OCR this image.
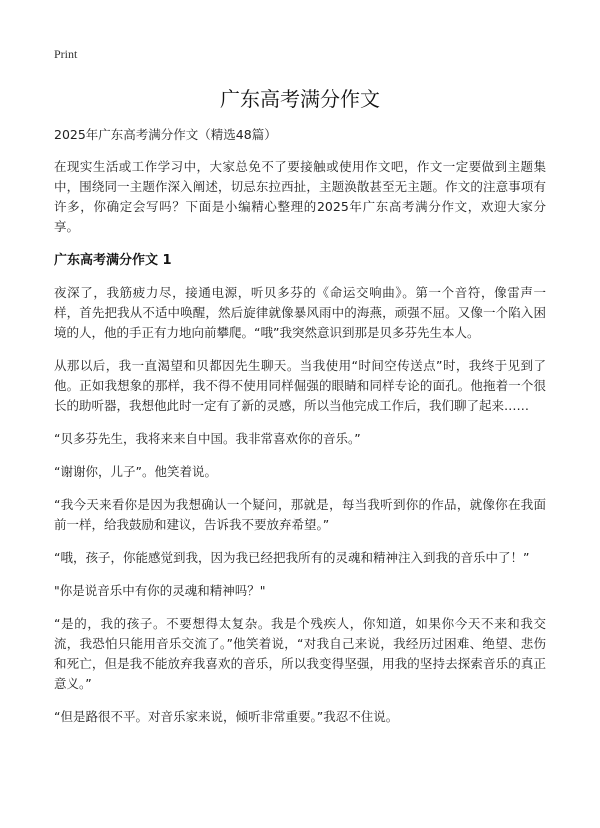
Print

广东高考满分作文

2025年广东高考满分作文（精选48篇）

在现实生活或工作学习中，大家总免不了要接触或使用作文吧，作文一定要做到主题集中，围绕同一主题作深入阐述，切忌东拉西扯，主题涣散甚至无主题。作文的注意事项有许多，你确定会写吗？下面是小编精心整理的2025年广东高考满分作文，欢迎大家分享。

广东高考满分作文 1

夜深了，我筋疲力尽，接通电源，听贝多芬的《命运交响曲》。第一个音符，像雷声一样，首先把我从不适中唤醒，然后旋律就像暴风雨中的海燕，顽强不屈。又像一个陷入困境的人，他的手正有力地向前攀爬。“哦”我突然意识到那是贝多芬先生本人。

从那以后，我一直渴望和贝都因先生聊天。当我使用“时间空传送点”时，我终于见到了他。正如我想象的那样，我不得不使用同样倔强的眼睛和同样专论的面孔。他拖着一个很长的助听器，我想他此时一定有了新的灵感，所以当他完成工作后，我们聊了起来……

“贝多芬先生，我将来来自中国。我非常喜欢你的音乐。”

“谢谢你，儿子”。他笑着说。

“我今天来看你是因为我想确认一个疑问，那就是，每当我听到你的作品，就像你在我面前一样，给我鼓励和建议，告诉我不要放弃希望。”

“哦，孩子，你能感觉到我，因为我已经把我所有的灵魂和精神注入到我的音乐中了！”

"你是说音乐中有你的灵魂和精神吗？"

“是的，我的孩子。不要想得太复杂。我是个残疾人，你知道，如果你今天不来和我交流，我恐怕只能用音乐交流了。”他笑着说，“对我自己来说，我经历过困难、绝望、悲伤和死亡，但是我不能放弃我喜欢的音乐，所以我变得坚强，用我的坚持去探索音乐的真正意义。”

“但是路很不平。对音乐家来说，倾听非常重要。”我忍不住说。
